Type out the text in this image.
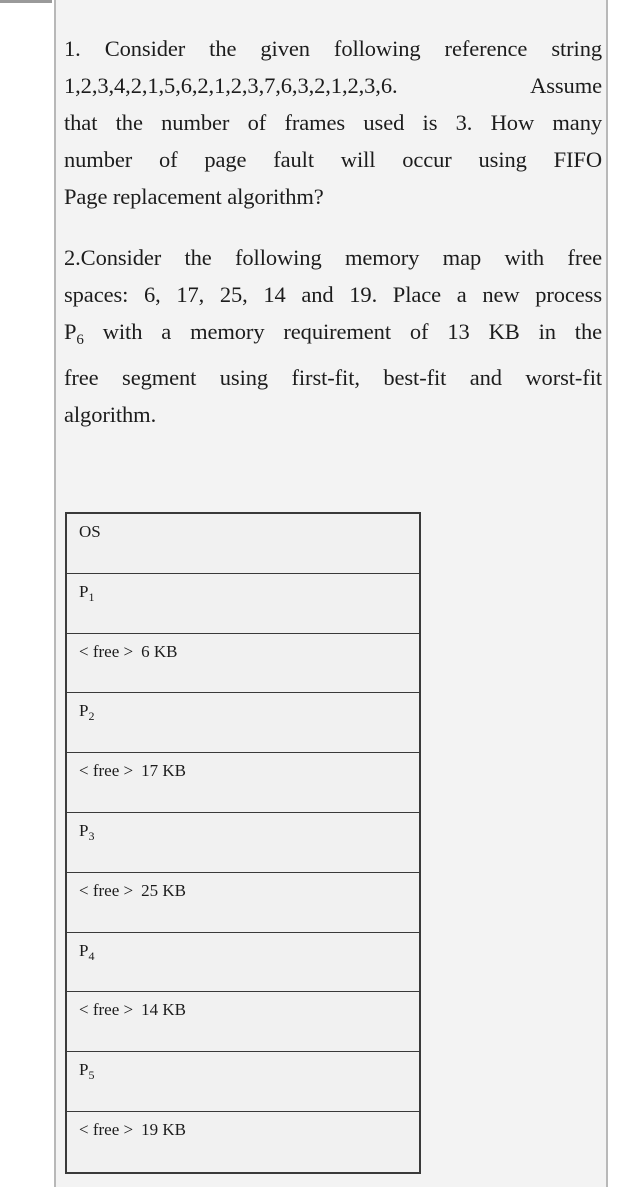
1. Consider the given following reference string
1,2,3,4,2,1,5,6,2,1,2,3,7,6,3,2,1,2,3,6. Assume
that the number of frames used is 3. How many
number of page fault will occur using FIFO
Page replacement algorithm?
2.Consider the following memory map with free
spaces: 6, 17, 25, 14 and 19. Place a new process
$P_6$ with a memory requirement of 13 KB in the
free segment using first-fit, best-fit and worst-fit
algorithm.
OS
$P_1$
< free > 6 KB
$P_2$
< free > 17 KB
$P_3$
< free > 25 KB
$P_4$
< free > 14 KB
$P_5$
< free > 19 KB
